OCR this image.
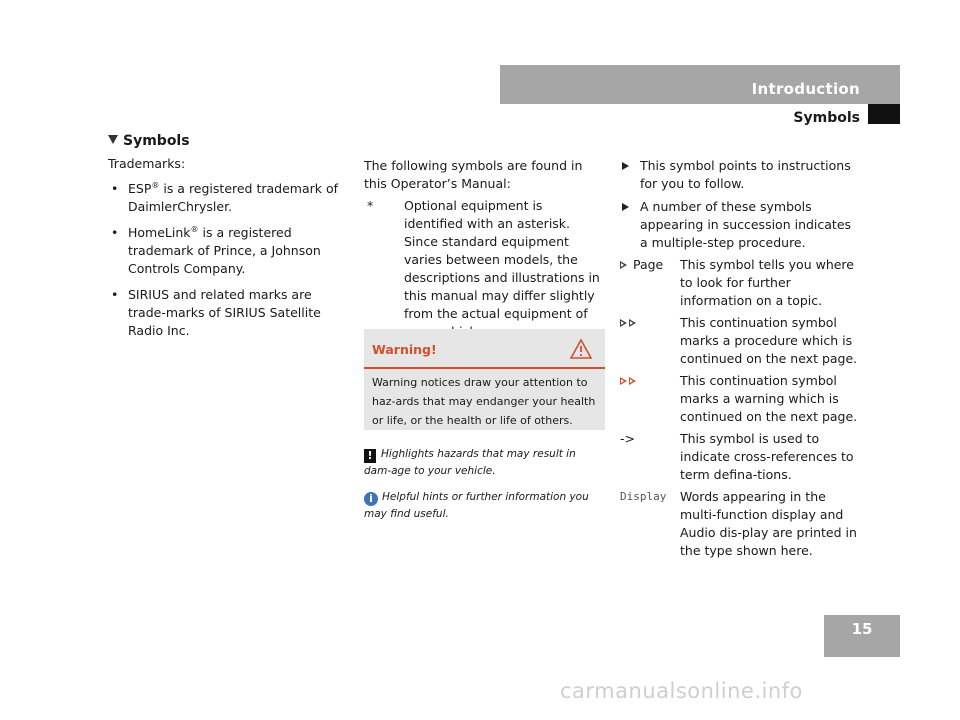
Introduction
Symbols
Symbols
Trademarks:
• ESP® is a registered trademark of DaimlerChrysler.
• HomeLink® is a registered trademark of Prince, a Johnson Controls Company.
• SIRIUS and related marks are trade-marks of SIRIUS Satellite Radio Inc.
The following symbols are found in this Operator’s Manual:
* Optional equipment is identified with an asterisk. Since standard equipment varies between models, the descriptions and illustrations in this manual may differ slightly from the actual equipment of
Warning!
Warning notices draw your attention to haz-ards that may endanger your health or life, or the health or life of others.
! Highlights hazards that may result in dam-age to your vehicle.
i Helpful hints or further information you may find useful.
This symbol points to instructions for you to follow.
A number of these symbols appearing in succession indicates a multiple-step procedure.
Page	This symbol tells you where to look for further information on a topic.
This continuation symbol marks a procedure which is continued on the next page.
This continuation symbol marks a warning which is continued on the next page.
->	This symbol is used to indicate cross-references to term defina-tions.
Display	Words appearing in the multi-function display and Audio dis-play are printed in the type shown here.
15
carmanualsonline.info
